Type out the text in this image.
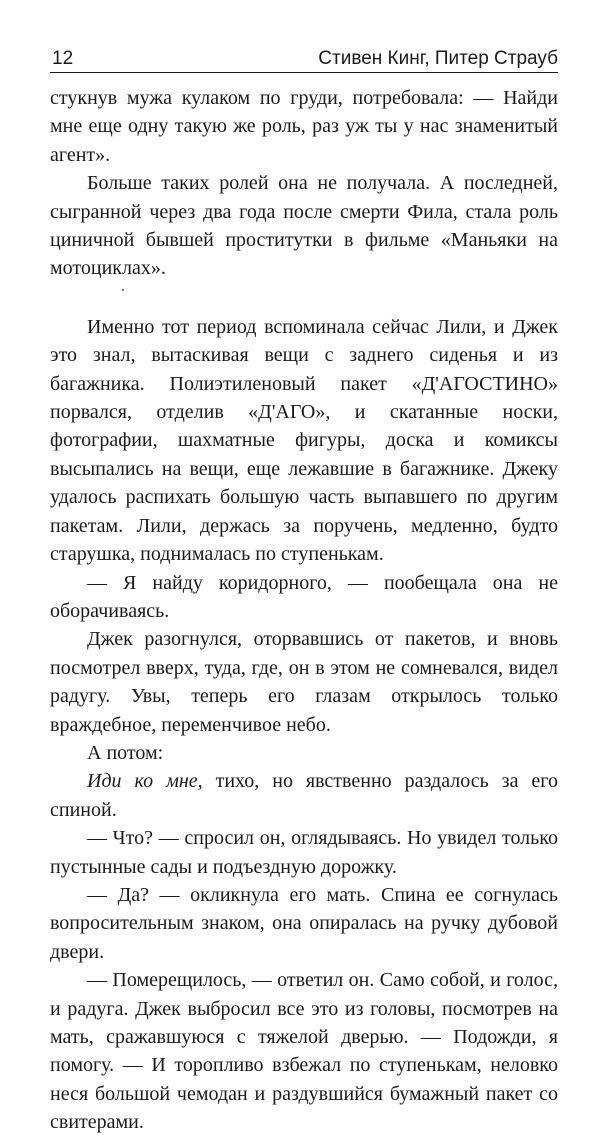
12	Стивен Кинг, Питер Страуб

стукнув мужа кулаком по груди, потребовала: — Найди мне еще одну такую же роль, раз уж ты у нас знаменитый агент».

Больше таких ролей она не получала. А последней, сыгранной через два года после смерти Фила, стала роль циничной бывшей проститутки в фильме «Маньяки на мотоциклах».

Именно тот период вспоминала сейчас Лили, и Джек это знал, вытаскивая вещи с заднего сиденья и из багажника. Полиэтиленовый пакет «Д'АГОСТИНО» порвался, отделив «Д'АГО», и скатанные носки, фотографии, шахматные фигуры, доска и комиксы высыпались на вещи, еще лежавшие в багажнике. Джеку удалось распихать большую часть выпавшего по другим пакетам. Лили, держась за поручень, медленно, будто старушка, поднималась по ступенькам.

— Я найду коридорного, — пообещала она не оборачиваясь.

Джек разогнулся, оторвавшись от пакетов, и вновь посмотрел вверх, туда, где, он в этом не сомневался, видел радугу. Увы, теперь его глазам открылось только враждебное, переменчивое небо.

А потом:

Иди ко мне, тихо, но явственно раздалось за его спиной.

— Что? — спросил он, оглядываясь. Но увидел только пустынные сады и подъездную дорожку.

— Да? — окликнула его мать. Спина ее согнулась вопросительным знаком, она опиралась на ручку дубовой двери.

— Померещилось, — ответил он. Само собой, и голос, и радуга. Джек выбросил все это из головы, посмотрев на мать, сражавшуюся с тяжелой дверью. — Подожди, я помогу. — И торопливо взбежал по ступенькам, неловко неся большой чемодан и раздувшийся бумажный пакет со свитерами.
